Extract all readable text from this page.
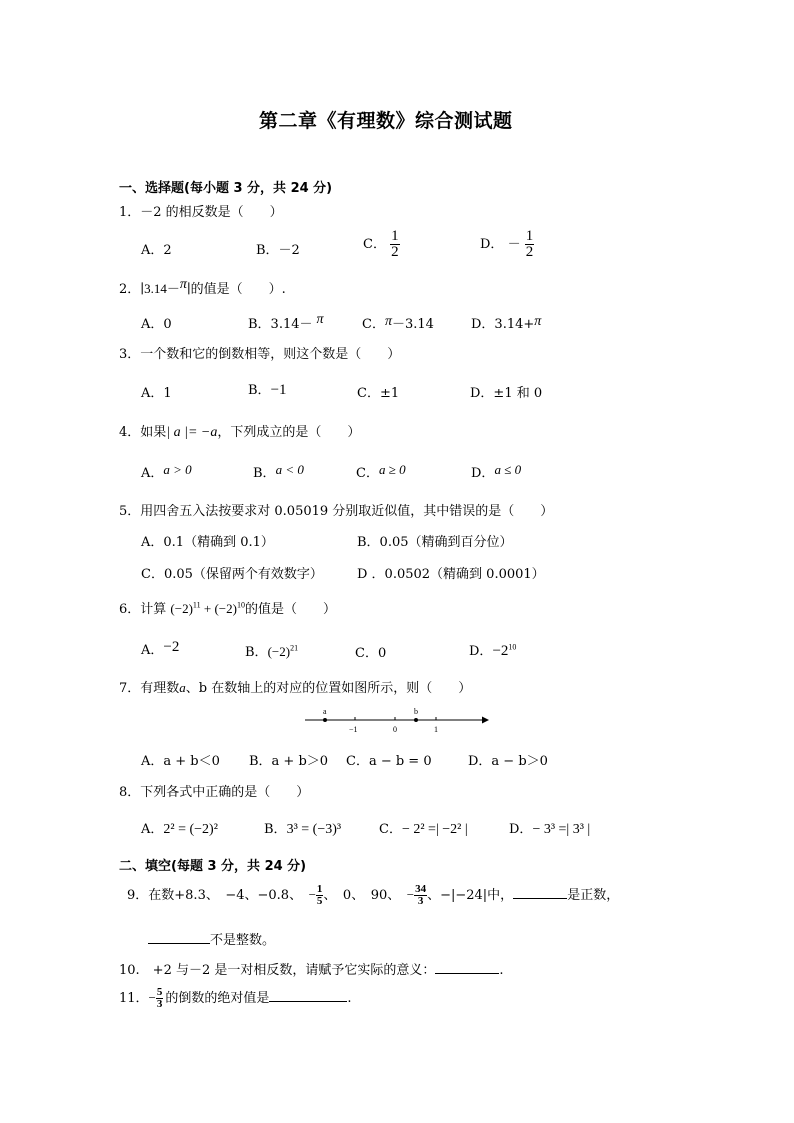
第二章《有理数》综合测试题
一、选择题(每小题 3 分，共 24 分)
1．－2 的相反数是（　　）
A．2	B．－2	C． $\frac{1}{2}$	D． － $\frac{1}{2}$
2．∣3.14－π∣的值是（　　）.
A．0	B．3.14－ π	C．π－3.14	D．3.14+π
3．一个数和它的倒数相等，则这个数是（　　）
A．1	B．−1	C．±1	D．±1 和 0
4．如果| a |= −a，下列成立的是（　　）
A．a > 0	B．a < 0	C．a ≥ 0	D．a ≤ 0
5．用四舍五入法按要求对 0.05019 分别取近似值，其中错误的是（　　）
A．0.1（精确到 0.1）	B．0.05（精确到百分位）
C．0.05（保留两个有效数字）	D ．0.0502（精确到 0.0001）
6．计算 $(-2)^{11} + (-2)^{10}$的值是（　　）
A．−2	B．$(-2)^{21}$	C．0	D．$-2^{10}$
7．有理数a、b 在数轴上的对应的位置如图所示，则（　　）
a	b
−1	0	1
A．a + b＜0 B．a + b＞0 C．a − b = 0	D．a − b＞0
8．下列各式中正确的是（　　）
A．2² = (−2)²	B．3³ = (−3)³	C．− 2² =| −2² |	D．− 3³ =| 3³ |
二、填空(每题 3 分，共 24 分)
9．在数+8.3、　−4、−0.8、　− $\frac{1}{5}$ 、　0、　90、　− $\frac{34}{3}$ 、−|−24|中，	是正数，
不是整数。
10.　+2 与－2 是一对相反数，请赋予它实际的意义：	.
11．− $\frac{5}{3}$ 的倒数的绝对值是	.
